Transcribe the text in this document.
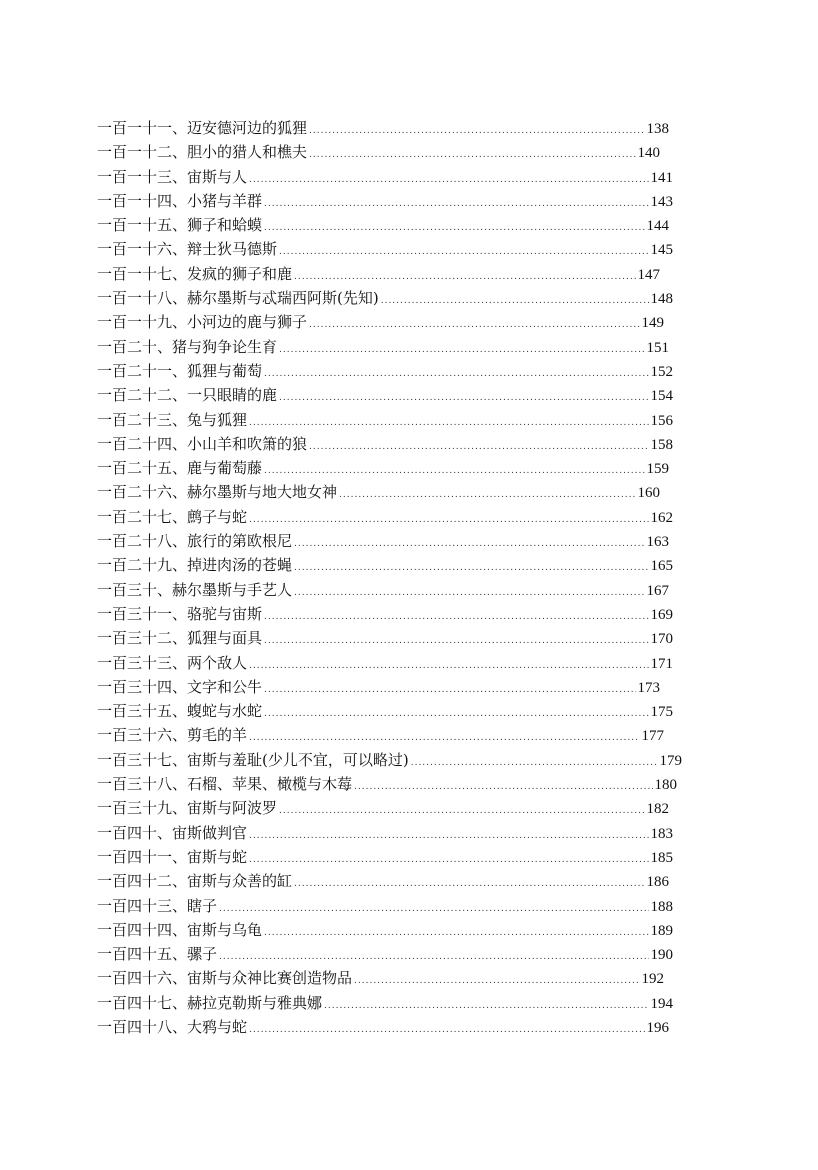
一百一十一、迈安德河边的狐狸 .....	138
一百一十二、胆小的猎人和樵夫 .....	140
一百一十三、宙斯与人 .....	141
一百一十四、小猪与羊群 .....	143
一百一十五、狮子和蛤蟆 .....	144
一百一十六、辩士狄马德斯 .....	145
一百一十七、发疯的狮子和鹿 .....	147
一百一十八、赫尔墨斯与忒瑞西阿斯(先知) .....	148
一百一十九、小河边的鹿与狮子 .....	149
一百二十、猪与狗争论生育 .....	151
一百二十一、狐狸与葡萄 .....	152
一百二十二、一只眼睛的鹿 .....	154
一百二十三、兔与狐狸 .....	156
一百二十四、小山羊和吹箫的狼 .....	158
一百二十五、鹿与葡萄藤 .....	159
一百二十六、赫尔墨斯与地大地女神 .....	160
一百二十七、鹧子与蛇 .....	162
一百二十八、旅行的第欧根尼 .....	163
一百二十九、掉进肉汤的苍蝇 .....	165
一百三十、赫尔墨斯与手艺人 .....	167
一百三十一、骆驼与宙斯 .....	169
一百三十二、狐狸与面具 .....	170
一百三十三、两个敌人 .....	171
一百三十四、文字和公牛 .....	173
一百三十五、蝮蛇与水蛇 .....	175
一百三十六、剪毛的羊 .....	177
一百三十七、宙斯与羞耻(少儿不宜，可以略过) .....	179
一百三十八、石榴、苹果、橄榄与木莓 .....	180
一百三十九、宙斯与阿波罗 .....	182
一百四十、宙斯做判官 .....	183
一百四十一、宙斯与蛇 .....	185
一百四十二、宙斯与众善的缸 .....	186
一百四十三、瞎子 .....	188
一百四十四、宙斯与乌龟 .....	189
一百四十五、骡子 .....	190
一百四十六、宙斯与众神比赛创造物品 .....	192
一百四十七、赫拉克勒斯与雅典娜 .....	194
一百四十八、大鸦与蛇 .....	196
